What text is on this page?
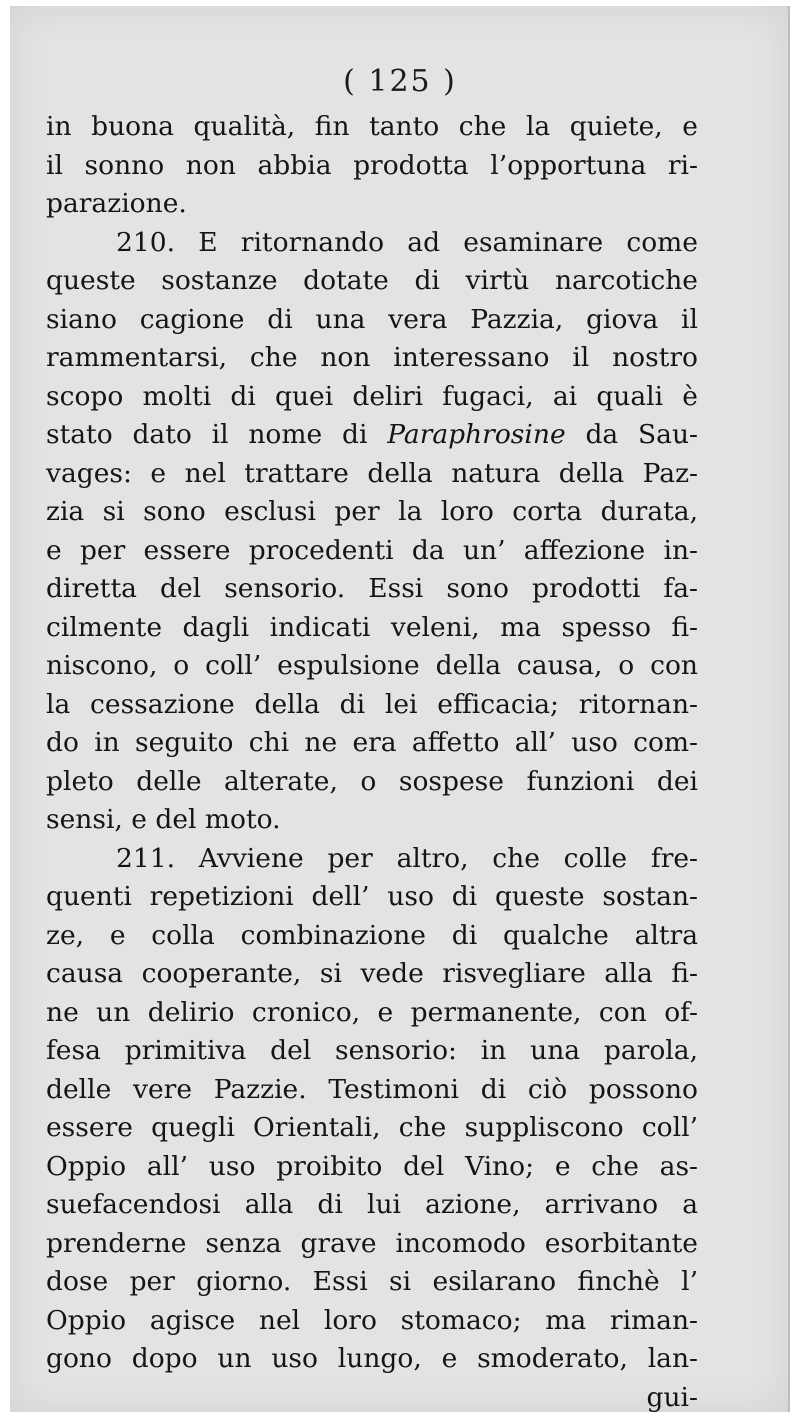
( 125 )
in buona qualità, fin tanto che la quiete, e
il sonno non abbia prodotta l’opportuna ri-
parazione.
210. E ritornando ad esaminare come
queste sostanze dotate di virtù narcotiche
siano cagione di una vera Pazzia, giova il
rammentarsi, che non interessano il nostro
scopo molti di quei deliri fugaci, ai quali è
stato dato il nome di Paraphrosine da Sau-
vages: e nel trattare della natura della Paz-
zia si sono esclusi per la loro corta durata,
e per essere procedenti da un’ affezione in-
diretta del sensorio. Essi sono prodotti fa-
cilmente dagli indicati veleni, ma spesso fi-
niscono, o coll’ espulsione della causa, o con
la cessazione della di lei efficacia; ritornan-
do in seguito chi ne era affetto all’ uso com-
pleto delle alterate, o sospese funzioni dei
sensi, e del moto.
211. Avviene per altro, che colle fre-
quenti repetizioni dell’ uso di queste sostan-
ze, e colla combinazione di qualche altra
causa cooperante, si vede risvegliare alla fi-
ne un delirio cronico, e permanente, con of-
fesa primitiva del sensorio: in una parola,
delle vere Pazzie. Testimoni di ciò possono
essere quegli Orientali, che suppliscono coll’
Oppio all’ uso proibito del Vino; e che as-
suefacendosi alla di lui azione, arrivano a
prenderne senza grave incomodo esorbitante
dose per giorno. Essi si esilarano finchè l’
Oppio agisce nel loro stomaco; ma riman-
gono dopo un uso lungo, e smoderato, lan-
gui-
